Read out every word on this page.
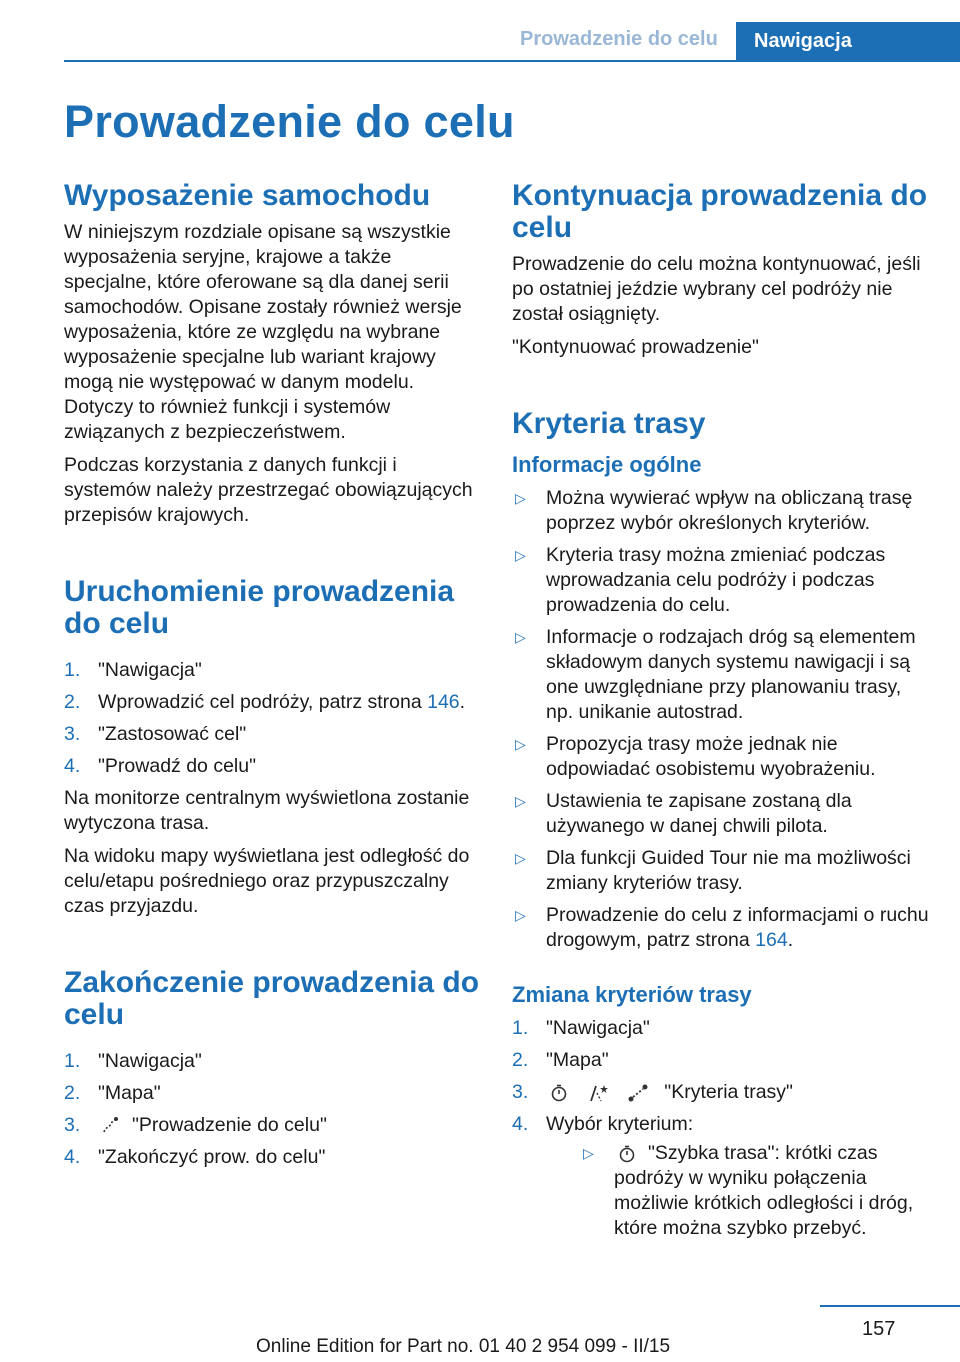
Prowadzenie do celu	Nawigacja
Prowadzenie do celu
Wyposażenie samochodu

W niniejszym rozdziale opisane są wszystkie wyposażenia seryjne, krajowe a także specjalne, które oferowane są dla danej serii samochodów. Opisane zostały również wersje wyposażenia, które ze względu na wybrane wyposażenie specjalne lub wariant krajowy mogą nie występować w danym modelu. Dotyczy to również funkcji i systemów związanych z bezpieczeństwem.

Podczas korzystania z danych funkcji i systemów należy przestrzegać obowiązujących przepisów krajowych.

Uruchomienie prowadzenia do celu
1. "Nawigacja"
2. Wprowadzić cel podróży, patrz strona 146.
3. "Zastosować cel"
4. "Prowadź do celu"

Na monitorze centralnym wyświetlona zostanie wytyczona trasa.

Na widoku mapy wyświetlana jest odległość do celu/etapu pośredniego oraz przypuszczalny czas przyjazdu.

Zakończenie prowadzenia do celu
1. "Nawigacja"
2. "Mapa"
3.	"Prowadzenie do celu"
4. "Zakończyć prow. do celu"
Kontynuacja prowadzenia do celu

Prowadzenie do celu można kontynuować, jeśli po ostatniej jeździe wybrany cel podróży nie został osiągnięty.

"Kontynuować prowadzenie"

Kryteria trasy
Informacje ogólne
▷ Można wywierać wpływ na obliczaną trasę poprzez wybór określonych kryteriów.
▷ Kryteria trasy można zmieniać podczas wprowadzania celu podróży i podczas prowadzenia do celu.
▷ Informacje o rodzajach dróg są elementem składowym danych systemu nawigacji i są one uwzględniane przy planowaniu trasy, np. unikanie autostrad.
▷ Propozycja trasy może jednak nie odpowiadać osobistemu wyobrażeniu.
▷ Ustawienia te zapisane zostaną dla używanego w danej chwili pilota.
▷ Dla funkcji Guided Tour nie ma możliwości zmiany kryteriów trasy.
▷ Prowadzenie do celu z informacjami o ruchu drogowym, patrz strona 164.
Zmiana kryteriów trasy
1. "Nawigacja"
2. "Mapa"
3.

	"Kryteria trasy"
4. Wybór kryterium:
▷	"Szybka trasa": krótki czas podróży w wyniku połączenia możliwie krótkich odległości i dróg, które można szybko przebyć.
157
Online Edition for Part no. 01 40 2 954 099 - II/15
